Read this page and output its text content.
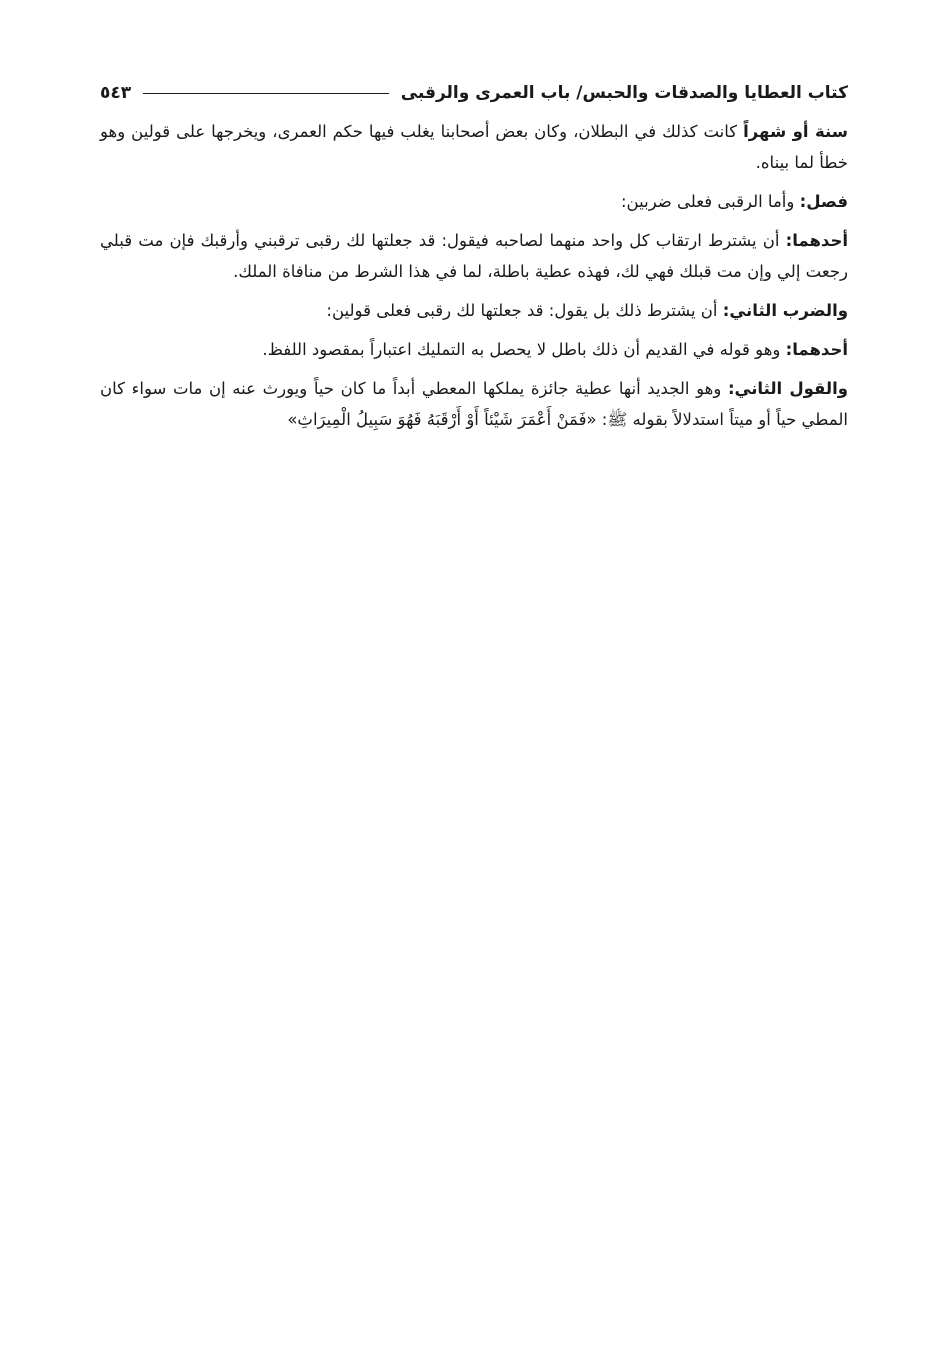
كتاب العطايا والصدقات والحبس/ باب العمرى والرقبى
٥٤٣

سنة أو شهراً كانت كذلك في البطلان، وكان بعض أصحابنا يغلب فيها حكم العمرى، ويخرجها على قولين وهو خطأ لما بيناه.

فصل: وأما الرقبى فعلى ضربين:

أحدهما: أن يشترط ارتقاب كل واحد منهما لصاحبه فيقول: قد جعلتها لك رقبى ترقبني وأرقبك فإن مت قبلي رجعت إلي وإن مت قبلك فهي لك، فهذه عطية باطلة، لما في هذا الشرط من منافاة الملك.

والضرب الثاني: أن يشترط ذلك بل يقول: قد جعلتها لك رقبى فعلى قولين:

أحدهما: وهو قوله في القديم أن ذلك باطل لا يحصل به التمليك اعتباراً بمقصود اللفظ.

والقول الثاني: وهو الجديد أنها عطية جائزة يملكها المعطي أبداً ما كان حياً ويورث عنه إن مات سواء كان المطي حياً أو ميتاً استدلالاً بقوله ﷺ: «فَمَنْ أَعْمَرَ شَيْئاً أَوْ أَرْقَبَهُ فَهُوَ سَبِيلُ الْمِيرَاثِ»
